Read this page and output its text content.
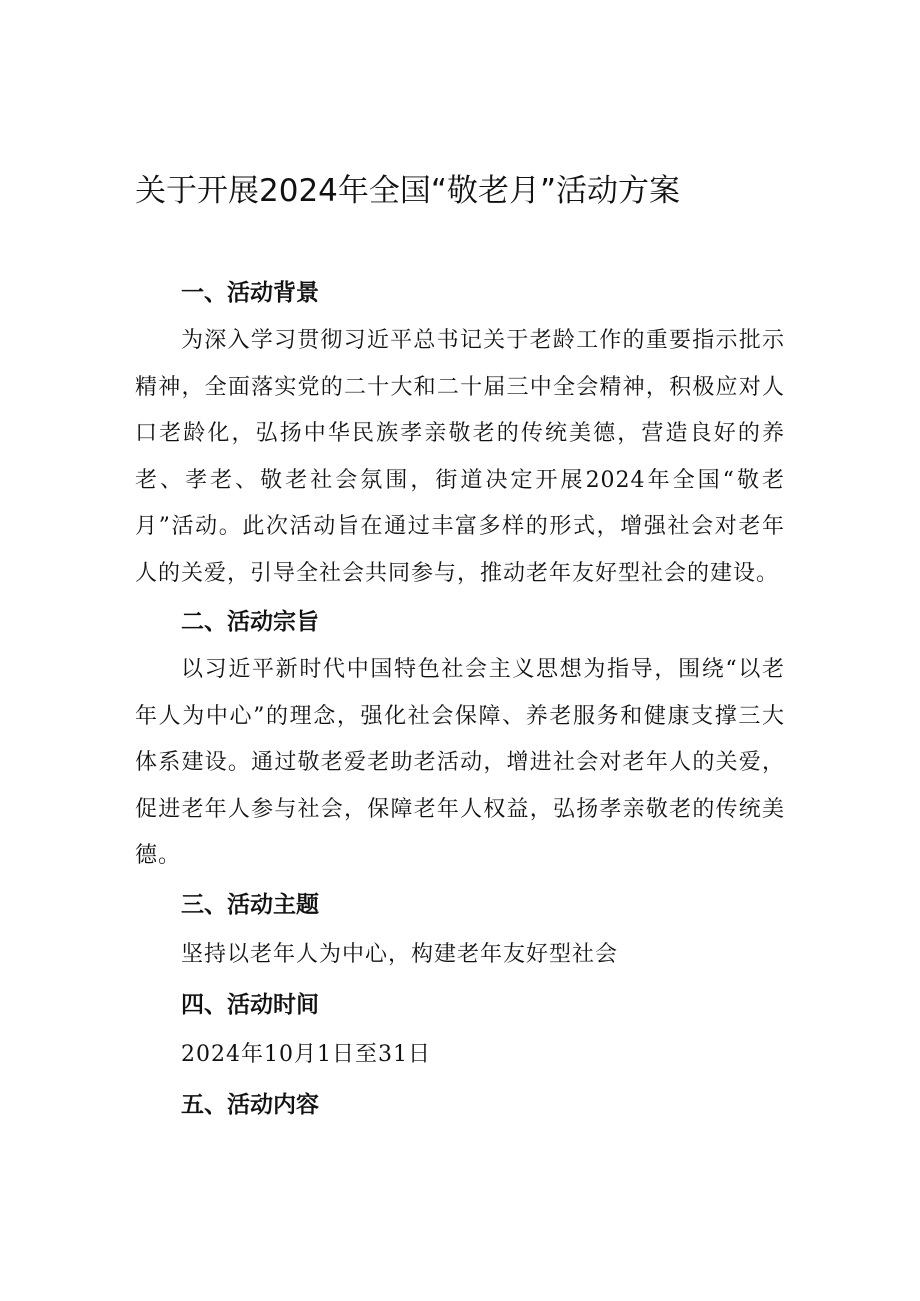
关于开展2024年全国“敬老月”活动方案
一、活动背景

为深入学习贯彻习近平总书记关于老龄工作的重要指示批示精神，全面落实党的二十大和二十届三中全会精神，积极应对人口老龄化，弘扬中华民族孝亲敬老的传统美德，营造良好的养老、孝老、敬老社会氛围，街道决定开展2024年全国“敬老月”活动。此次活动旨在通过丰富多样的形式，增强社会对老年人的关爱，引导全社会共同参与，推动老年友好型社会的建设。

二、活动宗旨

以习近平新时代中国特色社会主义思想为指导，围绕“以老年人为中心”的理念，强化社会保障、养老服务和健康支撑三大体系建设。通过敬老爱老助老活动，增进社会对老年人的关爱，促进老年人参与社会，保障老年人权益，弘扬孝亲敬老的传统美德。

三、活动主题

坚持以老年人为中心，构建老年友好型社会

四、活动时间

2024年10月1日至31日

五、活动内容
